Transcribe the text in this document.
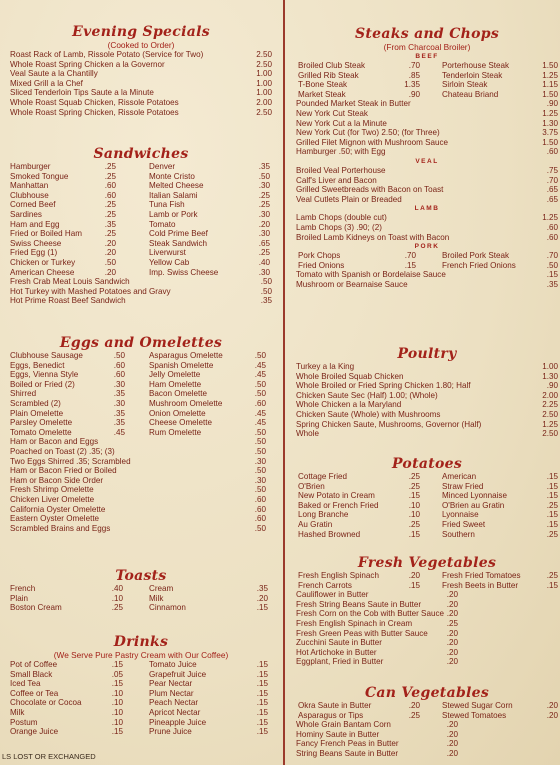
Evening Specials
(Cooked to Order)
Roast Rack of Lamb, Rissole Potato (Service for Two)	2.50
Whole Roast Spring Chicken a la Governor	2.50
Veal Saute a la Chantilly	1.00
Mixed Grill a la Chef	1.00
Sliced Tenderloin Tips Saute a la Minute	1.00
Whole Roast Squab Chicken, Rissole Potatoes	2.00
Whole Roast Spring Chicken, Rissole Potatoes	2.50
Sandwiches
Hamburger	.25	Denver	.35
Smoked Tongue	.25	Monte Cristo	.50
Manhattan	.60	Melted Cheese	.30
Clubhouse	.60	Italian Salami	.25
Corned Beef	.25	Tuna Fish	.25
Sardines	.25	Lamb or Pork	.30
Ham and Egg	.35	Tomato	.20
Fried or Boiled Ham	.25	Cold Prime Beef	.30
Swiss Cheese	.20	Steak Sandwich	.65
Fried Egg (1)	.20	Liverwurst	.25
Chicken or Turkey	.50	Yellow Cab	.40
American Cheese	.20	Imp. Swiss Cheese	.30
Fresh Crab Meat Louis Sandwich	.50
Hot Turkey with Mashed Potatoes and Gravy	.50
Hot Prime Roast Beef Sandwich	.35
Eggs and Omelettes
Clubhouse Sausage	.50	Asparagus Omelette	.50
Eggs, Benedict	.60	Spanish Omelette	.45
Eggs, Vienna Style	.60	Jelly Omelette	.45
Boiled or Fried (2)	.30	Ham Omelette	.50
Shirred	.35	Bacon Omelette	.50
Scrambled (2)	.30	Mushroom Omelette	.60
Plain Omelette	.35	Onion Omelette	.45
Parsley Omelette	.35	Cheese Omelette	.45
Tomato Omelette	.45	Rum Omelette	.50
Ham or Bacon and Eggs	.50
Poached on Toast (2) .35; (3)	.50
Two Eggs Shirred .35; Scrambled	.30
Ham or Bacon Fried or Boiled	.50
Ham or Bacon Side Order	.30
Fresh Shrimp Omelette	.50
Chicken Liver Omelette	.60
California Oyster Omelette	.60
Eastern Oyster Omelette	.60
Scrambled Brains and Eggs	.50
Toasts
French	.40	Cream	.35
Plain	.10	Milk	.20
Boston Cream	.25	Cinnamon	.15
Drinks
(We Serve Pure Pastry Cream with Our Coffee)
Pot of Coffee	.15	Tomato Juice	.15
Small Black	.05	Grapefruit Juice	.15
Iced Tea	.15	Pear Nectar	.15
Coffee or Tea	.10	Plum Nectar	.15
Chocolate or Cocoa	.10	Peach Nectar	.15
Milk	.10	Apricot Nectar	.15
Postum	.10	Pineapple Juice	.15
Orange Juice	.15	Prune Juice	.15
LS LOST OR EXCHANGED
Steaks and Chops
(From Charcoal Broiler)
BEEF
Broiled Club Steak	.70	Porterhouse Steak	1.50
Grilled Rib Steak	.85	Tenderloin Steak	1.25
T-Bone Steak	1.35	Sirloin Steak	1.15
Market Steak	.90	Chateau Briand	1.50
Pounded Market Steak in Butter	.90
New York Cut Steak	1.25
New York Cut a la Minute	1.30
New York Cut (for Two) 2.50; (for Three)	3.75
Grilled Filet Mignon with Mushroom Sauce	1.50
Hamburger .50; with Egg	.60
VEAL
Broiled Veal Porterhouse	.75
Calf's Liver and Bacon	.70
Grilled Sweetbreads with Bacon on Toast	.65
Veal Cutlets Plain or Breaded	.65
LAMB
Lamb Chops (double cut)	1.25
Lamb Chops (3) .90; (2)	.60
Broiled Lamb Kidneys on Toast with Bacon	.60
PORK
Pork Chops	.70	Broiled Pork Steak	.70
Fried Onions	.15	French Fried Onions	.50
Tomato with Spanish or Bordelaise Sauce	.15
Mushroom or Bearnaise Sauce	.35
Poultry
Turkey a la King	1.00
Whole Broiled Squab Chicken	1.30
Whole Broiled or Fried Spring Chicken 1.80; Half	.90
Chicken Saute Sec (Half) 1.00; (Whole)	2.00
Whole Chicken a la Maryland	2.25
Chicken Saute (Whole) with Mushrooms	2.50
Spring Chicken Saute, Mushrooms, Governor (Half)	1.25
Whole	2.50
Potatoes
Cottage Fried	.25	American	.15
O'Brien	.25	Straw Fried	.15
New Potato in Cream	.15	Minced Lyonnaise	.15
Baked or French Fried	.10	O'Brien au Gratin	.25
Long Branche	.10	Lyonnaise	.15
Au Gratin	.25	Fried Sweet	.15
Hashed Browned	.15	Southern	.25
Fresh Vegetables
Fresh English Spinach	.20	Fresh Fried Tomatoes	.25
French Carrots	.15	Fresh Beets in Butter	.15
Cauliflower in Butter	.20
Fresh String Beans Saute in Butter	.20
Fresh Corn on the Cob with Butter Sauce .20
Fresh English Spinach in Cream	.25
Fresh Green Peas with Butter Sauce .20
Zucchini Saute in Butter	.20
Hot Artichoke in Butter	.20
Eggplant, Fried in Butter	.20
Can Vegetables
Okra Saute in Butter	.20	Stewed Sugar Corn	.20
Asparagus or Tips	.25	Stewed Tomatoes	.20
Whole Grain Bantam Corn	.20
Hominy Saute in Butter	.20
Fancy French Peas in Butter	.20
String Beans Saute in Butter	.20
